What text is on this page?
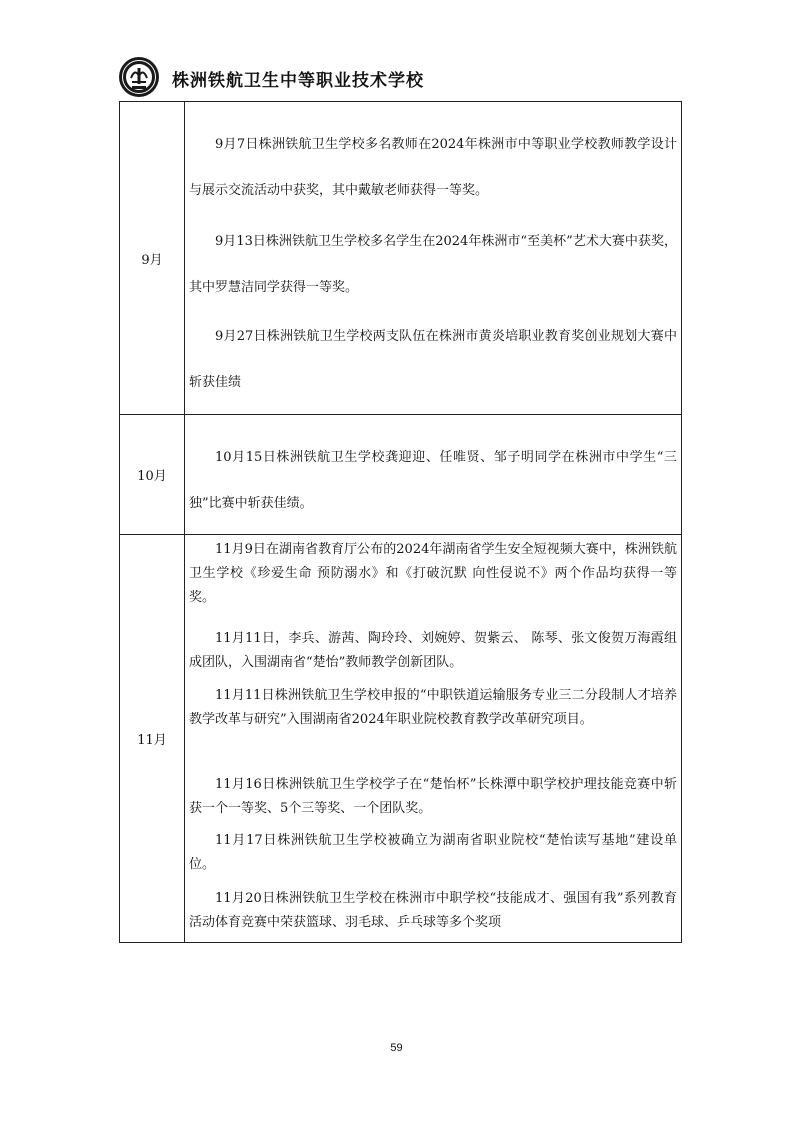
株洲铁航卫生中等职业技术学校
9月

9月7日株洲铁航卫生学校多名教师在2024年株洲市中等职业学校教师教学设计与展示交流活动中获奖，其中戴敏老师获得一等奖。

9月13日株洲铁航卫生学校多名学生在2024年株洲市“至美杯”艺术大赛中获奖，其中罗慧洁同学获得一等奖。

9月27日株洲铁航卫生学校两支队伍在株洲市黄炎培职业教育奖创业规划大赛中斩获佳绩

10月

10月15日株洲铁航卫生学校龚迎迎、任唯贤、邹子明同学在株洲市中学生“三独”比赛中斩获佳绩。

11月

11月9日在湖南省教育厅公布的2024年湖南省学生安全短视频大赛中，株洲铁航卫生学校《珍爱生命 预防溺水》和《打破沉默 向性侵说不》两个作品均获得一等奖。

11月11日，李兵、游茜、陶玲玲、刘婉婷、贺紫云、 陈琴、张文俊贺万海霞组成团队，入围湖南省“楚怡”教师教学创新团队。

11月11日株洲铁航卫生学校申报的“中职铁道运输服务专业三二分段制人才培养教学改革与研究”入围湖南省2024年职业院校教育教学改革研究项目。

11月16日株洲铁航卫生学校学子在“楚怡杯”长株潭中职学校护理技能竞赛中斩获一个一等奖、5个三等奖、一个团队奖。

11月17日株洲铁航卫生学校被确立为湖南省职业院校“楚怡读写基地”建设单位。

11月20日株洲铁航卫生学校在株洲市中职学校“技能成才、强国有我”系列教育活动体育竞赛中荣获篮球、羽毛球、乒乓球等多个奖项

59
